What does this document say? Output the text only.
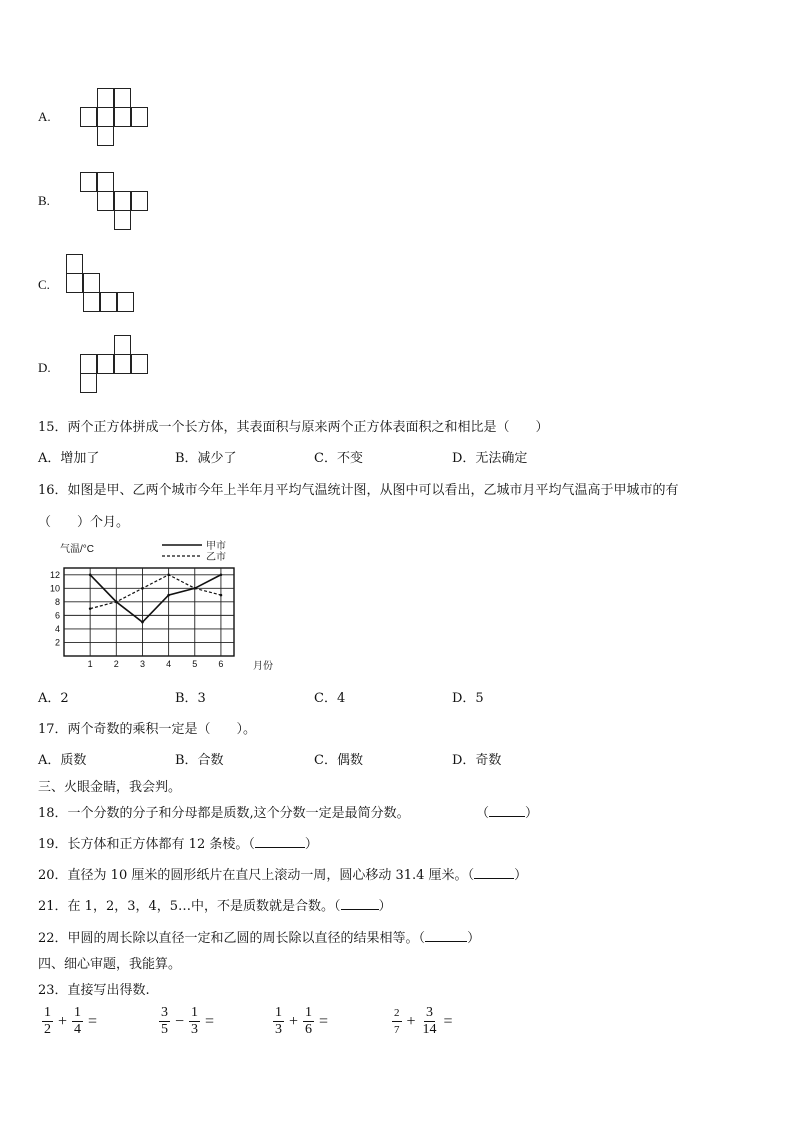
A.
B.
C.
D.
15．两个正方体拼成一个长方体，其表面积与原来两个正方体表面积之和相比是（　　）
A．增加了	B．减少了	C．不变	D．无法确定
16．如图是甲、乙两个城市今年上半年月平均气温统计图，从图中可以看出，乙城市月平均气温高于甲城市的有
（　　）个月。
2
4
6
8
10
12
1 2 3 4 5 6
气温/°C
月份
甲市
乙市
A．2	B．3	C．4	D．5
17．两个奇数的乘积一定是（　　）。
A．质数	B．合数	C．偶数	D．奇数
三、火眼金睛，我会判。
18．一个分数的分子和分母都是质数,这个分数一定是最简分数。	（	）
19．长方体和正方体都有 12 条棱。（	）
20．直径为 10 厘米的圆形纸片在直尺上滚动一周，圆心移动 31.4 厘米。（	）
21．在 1，2，3，4，5…中，不是质数就是合数。（	）
22．甲圆的周长除以直径一定和乙圆的周长除以直径的结果相等。（	）
四、细心审题，我能算。
23．直接写出得数.
1
$2 + \frac{1}{4}$ =	3
$5 - \frac{1}{3}$ =	1
$3 + \frac{1}{6}$ =	2
7
+ $\frac{3}{14}$ =
